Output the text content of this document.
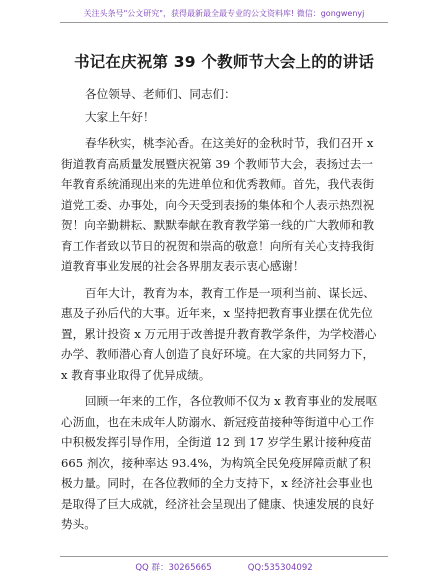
关注头条号"公文研究"，获得最新最全最专业的公文资料库! 微信：gongwenyj
书记在庆祝第 39 个教师节大会上的的讲话

各位领导、老师们、同志们：

大家上午好！

春华秋实，桃李沁香。在这美好的金秋时节，我们召开 x
街道教育高质量发展暨庆祝第 39 个教师节大会，表扬过去一
年教育系统涌现出来的先进单位和优秀教师。首先，我代表街
道党工委、办事处，向今天受到表扬的集体和个人表示热烈祝
贺！向辛勤耕耘、默默奉献在教育教学第一线的广大教师和教
育工作者致以节日的祝贺和崇高的敬意！向所有关心支持我街
道教育事业发展的社会各界朋友表示衷心感谢！
百年大计，教育为本，教育工作是一项利当前、谋长远、
惠及子孙后代的大事。近年来，x 坚持把教育事业摆在优先位
置，累计投资 x 万元用于改善提升教育教学条件，为学校潜心
办学、教师潜心育人创造了良好环境。在大家的共同努力下，
x 教育事业取得了优异成绩。
回顾一年来的工作，各位教师不仅为 x 教育事业的发展呕
心沥血，也在未成年人防溺水、新冠疫苗接种等街道中心工作
中积极发挥引导作用，全街道 12 到 17 岁学生累计接种疫苗
665 剂次，接种率达 93.4%，为构筑全民免疫屏障贡献了积
极力量。同时，在各位教师的全力支持下，x 经济社会事业也
是取得了巨大成就，经济社会呈现出了健康、快速发展的良好
势头。
QQ 群：30265665	QQ:535304092
